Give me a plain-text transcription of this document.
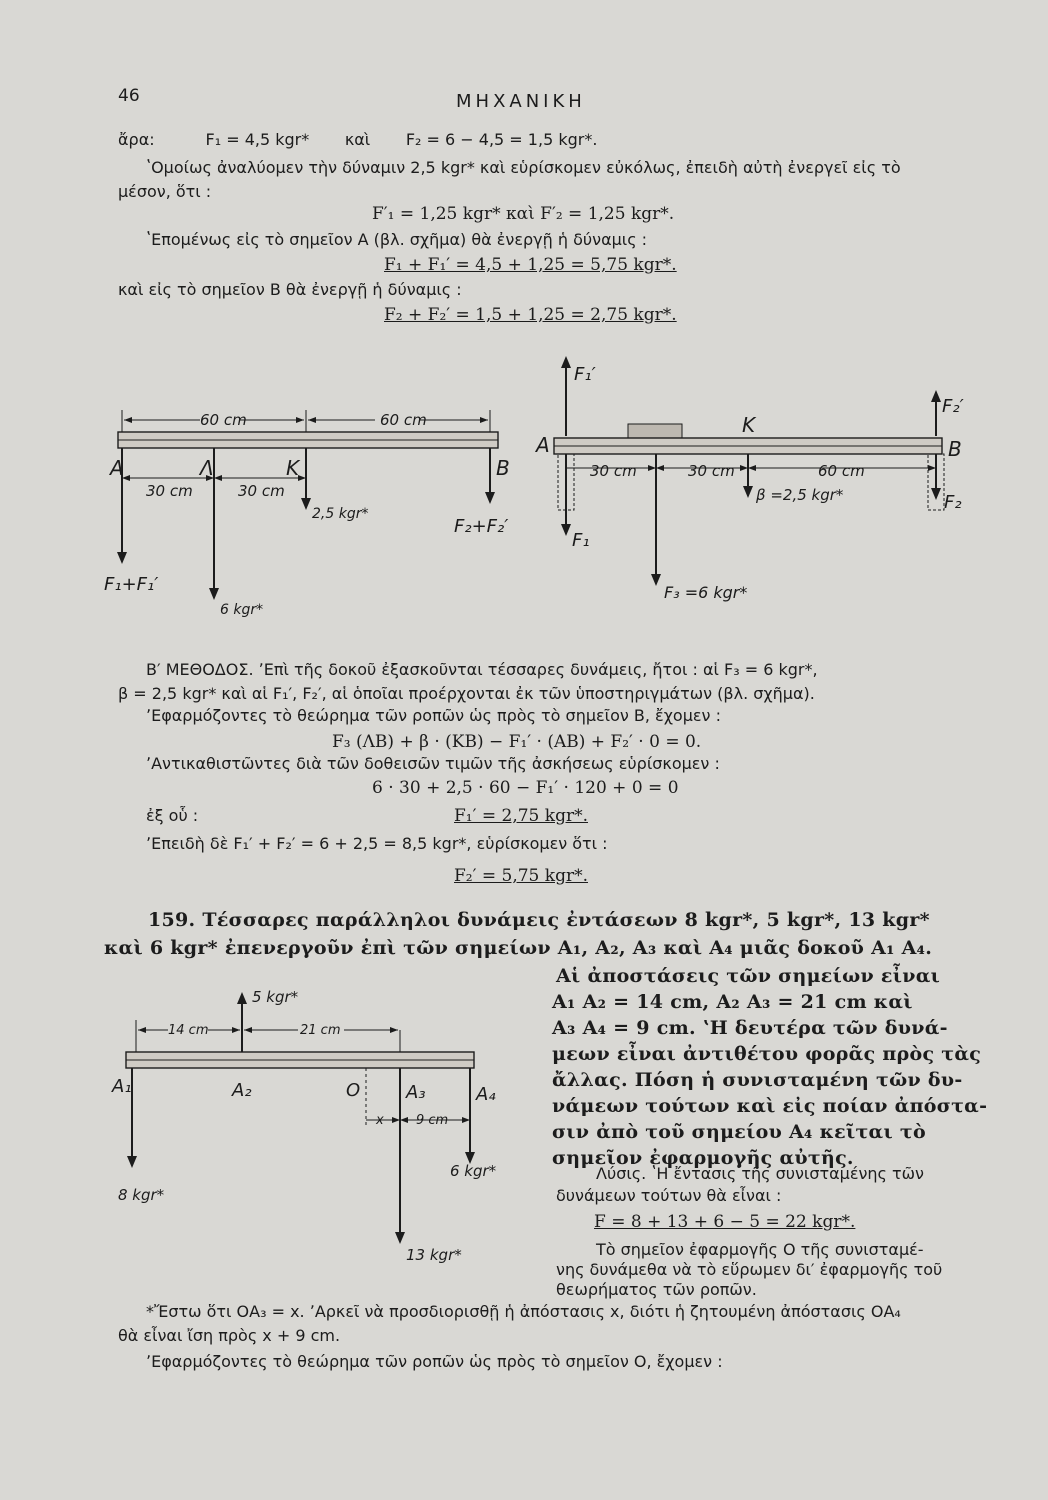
46	ΜΗΧΑΝΙΚΗ
ἄρα:          F₁ = 4,5 kgr*       καὶ       F₂ = 6 − 4,5 = 1,5 kgr*.
ʽΟμοίως ἀναλύομεν τὴν δύναμιν 2,5 kgr* καὶ εὑρίσκομεν εὐκόλως, ἐπειδὴ αὐτὴ ἐνεργεῖ εἰς τὸ
μέσον, ὅτι :
F′₁ = 1,25 kgr* καὶ F′₂ = 1,25 kgr*.
ʽΕπομένως εἰς τὸ σημεῖον Α (βλ. σχῆμα) θὰ ἐνεργῇ ἡ δύναμις :
F₁ + F₁′ = 4,5 + 1,25 = 5,75 kgr*.
καὶ εἰς τὸ σημεῖον Β θὰ ἐνεργῇ ἡ δύναμις :
F₂ + F₂′ = 1,5 + 1,25 = 2,75 kgr*.
60 cm	60 cm
A	Λ	K	B
30 cm	30 cm
2,5 kgr*
F₂+F₂′
F₁+F₁′
6 kgr*
F₁′
F₂′
A
K
B
30 cm	30 cm	60 cm
β =2,5 kgr*
F₁
F₂
F₃ =6 kgr*
Β′ ΜΕΘΟΔΟΣ. ʼΕπὶ τῆς δοκοῦ ἐξασκοῦνται τέσσαρες δυνάμεις, ἤτοι : αἱ F₃ = 6 kgr*,
β = 2,5 kgr* καὶ αἱ F₁′, F₂′, αἱ ὁποῖαι προέρχονται ἐκ τῶν ὑποστηριγμάτων (βλ. σχῆμα).
ʼΕφαρμόζοντες τὸ θεώρημα τῶν ροπῶν ὡς πρὸς τὸ σημεῖον Β, ἔχομεν :
F₃ (ΛΒ) + β · (ΚΒ) − F₁′ · (ΑΒ) + F₂′ · 0 = 0.
ʼΑντικαθιστῶντες διὰ τῶν δοθεισῶν τιμῶν τῆς ἀσκήσεως εὑρίσκομεν :
6 · 30 + 2,5 · 60 − F₁′ · 120 + 0 = 0
ἐξ οὗ :	F₁′ = 2,75 kgr*.
ʼΕπειδὴ δὲ F₁′ + F₂′ = 6 + 2,5 = 8,5 kgr*, εὑρίσκομεν ὅτι :
F₂′ = 5,75 kgr*.
159. Τέσσαρες παράλληλοι δυνάμεις ἐντάσεων 8 kgr*, 5 kgr*, 13 kgr*
καὶ 6 kgr* ἐπενεργοῦν ἐπὶ τῶν σημείων Α₁, Α₂, Α₃ καὶ Α₄ μιᾶς δοκοῦ Α₁ Α₄.
Αἱ ἀποστάσεις τῶν σημείων εἶναι
Α₁ Α₂ = 14 cm, Α₂ Α₃ = 21 cm καὶ
Α₃ Α₄ = 9 cm. ʽΗ δευτέρα τῶν δυνά-
μεων εἶναι ἀντιθέτου φορᾶς πρὸς τὰς
ἄλλας. Πόση ἡ συνισταμένη τῶν δυ-
νάμεων τούτων καὶ εἰς ποίαν ἀπόστα-
σιν ἀπὸ τοῦ σημείου Α₄ κεῖται τὸ
σημεῖον ἐφαρμογῆς αὐτῆς.
5 kgr*
14 cm	21 cm
A₁	A₂	O	A₃	A₄
x 9 cm
6 kgr*
8 kgr*
13 kgr*
Λύσις. ʽΗ ἔντασις τῆς συνισταμένης τῶν
δυνάμεων τούτων θὰ εἶναι :
F = 8 + 13 + 6 − 5 = 22 kgr*.
Τὸ σημεῖον ἐφαρμογῆς Ο τῆς συνισταμέ-
νης δυνάμεθα νὰ τὸ εὕρωμεν δι′ ἐφαρμογῆς τοῦ
θεωρήματος τῶν ροπῶν.
*Ἔστω ὅτι ΟΑ₃ = x. ʼΑρκεῖ νὰ προσδιορισθῇ ἡ ἀπόστασις x, διότι ἡ ζητουμένη ἀπόστασις ΟΑ₄
θὰ εἶναι ἴση πρὸς x + 9 cm.
ʼΕφαρμόζοντες τὸ θεώρημα τῶν ροπῶν ὡς πρὸς τὸ σημεῖον Ο, ἔχομεν :
